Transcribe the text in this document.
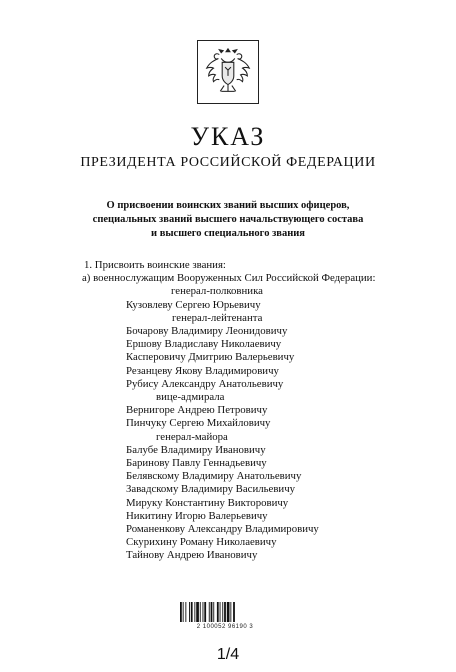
УКАЗ
ПРЕЗИДЕНТА РОССИЙСКОЙ ФЕДЕРАЦИИ
О присвоении воинских званий высших офицеров,
специальных званий высшего начальствующего состава
и высшего специального звания
1. Присвоить воинские звания:
а) военнослужащим Вооруженных Сил Российской Федерации:
генерал-полковника
Кузовлеву Сергею Юрьевичу
генерал-лейтенанта
Бочарову Владимиру Леонидовичу
Ершову Владиславу Николаевичу
Касперовичу Дмитрию Валерьевичу
Резанцеву Якову Владимировичу
Рубису Александру Анатольевичу
вице-адмирала
Вернигоре Андрею Петровичу
Пинчуку Сергею Михайловичу
генерал-майора
Балубе Владимиру Ивановичу
Баринову Павлу Геннадьевичу
Белявскому Владимиру Анатольевичу
Завадскому Владимиру Васильевичу
Мируку Константину Викторовичу
Никитину Игорю Валерьевичу
Романенкову Александру Владимировичу
Скурихину Роману Николаевичу
Тайнову Андрею Ивановичу
2 100052 96190 3
1/4
